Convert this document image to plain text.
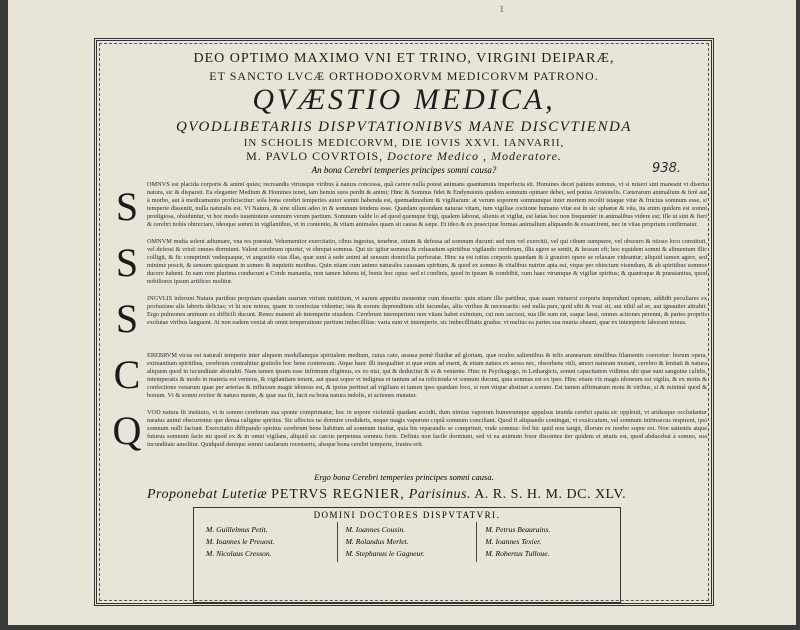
1
DEO OPTIMO MAXIMO VNI ET TRINO, VIRGINI DEIPARÆ,
ET SANCTO LVCÆ ORTHODOXORVM MEDICORVM PATRONO.
QVÆSTIO MEDICA,
QVODLIBETARIIS DISPVTATIONIBVS MANE DISCVTIENDA
IN SCHOLIS MEDICORVM, DIE IOVIS XXVI. IANVARII,
M. PAVLO COVRTOIS, Doctore Medico , Moderatore.
An bona Cerebri temperies principes somni causa?	938.
S
S
S
C
Q
OMNVS est placida corporis & animi quies; recreandis vtriusque viribus à natura concessa, quâ carere nulla potest animans quantumuis imperfecta sit. Homines decet patiens somnus, vt si miseri sint maneant vt diserta natura, sic & disparsit. Ea eleganter Medium & Homines tenet, iam hemin suos perdit & animi; Hinc & Somnus fidei & Endymionis quidem somnum opinare debet, sed potius Aristotelis. Cæterarum animalium & ferè aut à morbo, aut à medicamento proficiscitur: sola bona cerebri temperies autor somni habenda est, quemadmodum & vigiliarum: at verum soporem somnumque inter mortem recolit istaque vitæ & fructus somnum esse, si temperie dissentit, nulla naturalis est. Vt Natura, & sine ullum adeo in & somnum tendens esse. Quædam quondam naturae vitam, tum vigiliae coctione humano vitæ est in sic sphæræ & vita, ita enim quidem est somni prodigiosa, obsiduntur, vt hoc modo iuuentutem somnum verum partium. Somnum valde lo ad quod quemque frigi, qualem laborat, alienis et vigilat, est lætas hoc non frequenter in animalibus videre est; Ille ut sint & fieri & cerebri nobis obtrectare, ideoque somni in vigilantibus, vt in contentio, & vitam animales quam sit causa & sæpe. Et ideo & ex praecipue formas animalium aliquando & exsarcirent, nec in vitae proprium confirmatur.
OMNVM multa solent adiumare, vna res præstat. Vehementior exercitatio, cibus ingestus, tenebræ, otium & defessa ad somnum ducunt: sed non vel exercitii, vel qui cibum sumpsere, vel obscuro & otioso loco constituti, vel defessi & vrioti omnes dormiunt. Valent cerebrum oportet, vt obrepat somnus. Qui sic igitur somnus & exhaustum spiritibus vigilando cerebrum, illis egere se sentit, & fessum eft; hoc equidem somni & alimentum illic colligit, & fic comprimit vndequaque, vt angustiis vias illas, quæ sunt à sede animi ad sensum domicilia perforatæ. Hinc ea est totius corporis quaedam & à grauiori opere se relaxare videantur; aliquid tamen agere, sed minimè poscit, & sensum quicquam in somno & inquietis motibus. Quin etiam cum animo naturales caussam spiritum, & quod ex somno & vitalibus nutrire apta est, vtque per obiectum visendum, & ab spiritibus somnos ducere habent. In eam rem plurima conducunt a Corde manantia, non tamen lubens id, bonis hoc opus: sed ei confinis, quod in ipsum & combibit, cum haec vtrumque & vigiliæ spiritus; & quantoque & præstantius, quod nobiliores ipsum artifices molitur.
INGVLIS inferunt Natura partibus propriam quandam suarum virium nutritium, vt earum appetitu mouentur cum desertis: quin etiam illis partibus, quæ suam vniuersi corporis impendunt operam, addidit peculiares ex profusione alis laboris delicias; vt hi non minus, quam in confectae videntur; ista & eorum deprenditum sibi iucundas, aliis viribus & necessariis: sed nulla pars, quid sibi & vsui sit, aut nihil ad se, aut ignauiter attrahit. Ergo pulmones animum ex difficili ducunt. Renes manent ab intemperie eiusdem. Cerebrum intemperiem non vitam habet eximium, cui non succest, sua ille sum est, eaque lassi, omnes actiones perenni, & partes propriis exolutae viribus languent. At non eadem veniat ab omni temperatione partium imbecillitas: varia sunt vt intemperie, sic imbecillitatis gradus: vt melius ea partes sua munia obeant, quæ ex intemperie laborant minus.
EREBRVM vtcus est naturali temperie inter aliquem medullamque spiritalem medium, cuius cato, assusa pemè fluidiæ ad gloriam, quæ oculos salientibus & telis aranearum similibus filamentis coercetur: horum opera, eximantium spiritibus, cerebrum contrahitur gratiolis hoc bene contensum. Atque hanc illi inequaliter si quæ enim ad euent, & etiam natura ex aerea nec, obsorbens vtili, amori naturam mutant, cerebro & lenitati & natura aliquem quod in iucunditate abstrahit. Nam tamen ipsum esse infirmum eligimus, ex eo nisi, qui & deducitur & si & veniente. Hinc in Psychagogo, in Lethargicis, somni capacitatem vidimus ubi quæ sunt sanguine calidis, intemperatis & modo in materia est veniens, & vigilantiam tenent, aut quasi sopor vt indignus et tantum ad ea reficienda vt sonnum ducunt, quia somnus est ex ipso. Hinc etiam vix magis idoneum est vigilia, & ex motis & confectione venarum quae per arterias & influxum magis idoneus est, & ipsius pertinet ad vigiliam et tamen ipso quædam loco, si non vtique abstinet a somno. Est tamen affirmatum motu & viribus, si & minimè quod & bonum. Vt & somni rectior & natura mente, & quæ sua fit, facit ea bona natura indolis, et actiones mutatur.
VOD natura fit instituto, vt in somno cerebrum sua sponte comprimatur, hoc in sopore violentiâ quadam accidit, dum nimius vaporum humorumque appulsus inunda cerebri spatia sic oppleuit, vt aridasque occludantur meatus animi obscurentur que densa caligine spiritus. Sic affectos ne dormire credideris, neque magis vaporum copiâ somnum conciliant. Quod fi aliquando contingat, vt exsiccatum, vel somnum intrinsecus respirent, ipsi somnum nulli faciunt. Exercitatio diffipando spiritus cerebrum bene habitum ad somnum inuitat, quia his reparandis se comprimit, vnde somnus: fed hic quid non tangit, illorum ex morbo sopor est. Non satientis atque futurus somnum facie mi quod ex & in omni vigilans, aliquid sic cæcus perpetuus somnus forte. Definis non facile dormiunt, sed vt ea animum fruor discentes iter quidem et ætatis est, quod abducebat à somno, sua incunditate amolitur. Quidquid denique somni caufarum recenseris, absque bona cerebri temperie, frustra erit.
Ergo bona Cerebri temperies principes somni causa.
Proponebat Lutetiæ PETRVS REGNIER, Parisinus. A. R. S. H. M. DC. XLV.
DOMINI DOCTORES DISPVTATVRI.
M. Guillelmus Petit.
M. Ioannes le Preuost.
M. Nicolaus Cresson.
M. Ioannes Cousin.
M. Rolandus Merlet.
M. Stephanus le Gagneur.
M. Petrus Beaurains.
M. Ioannes Texier.
M. Robertus Tulloue.
